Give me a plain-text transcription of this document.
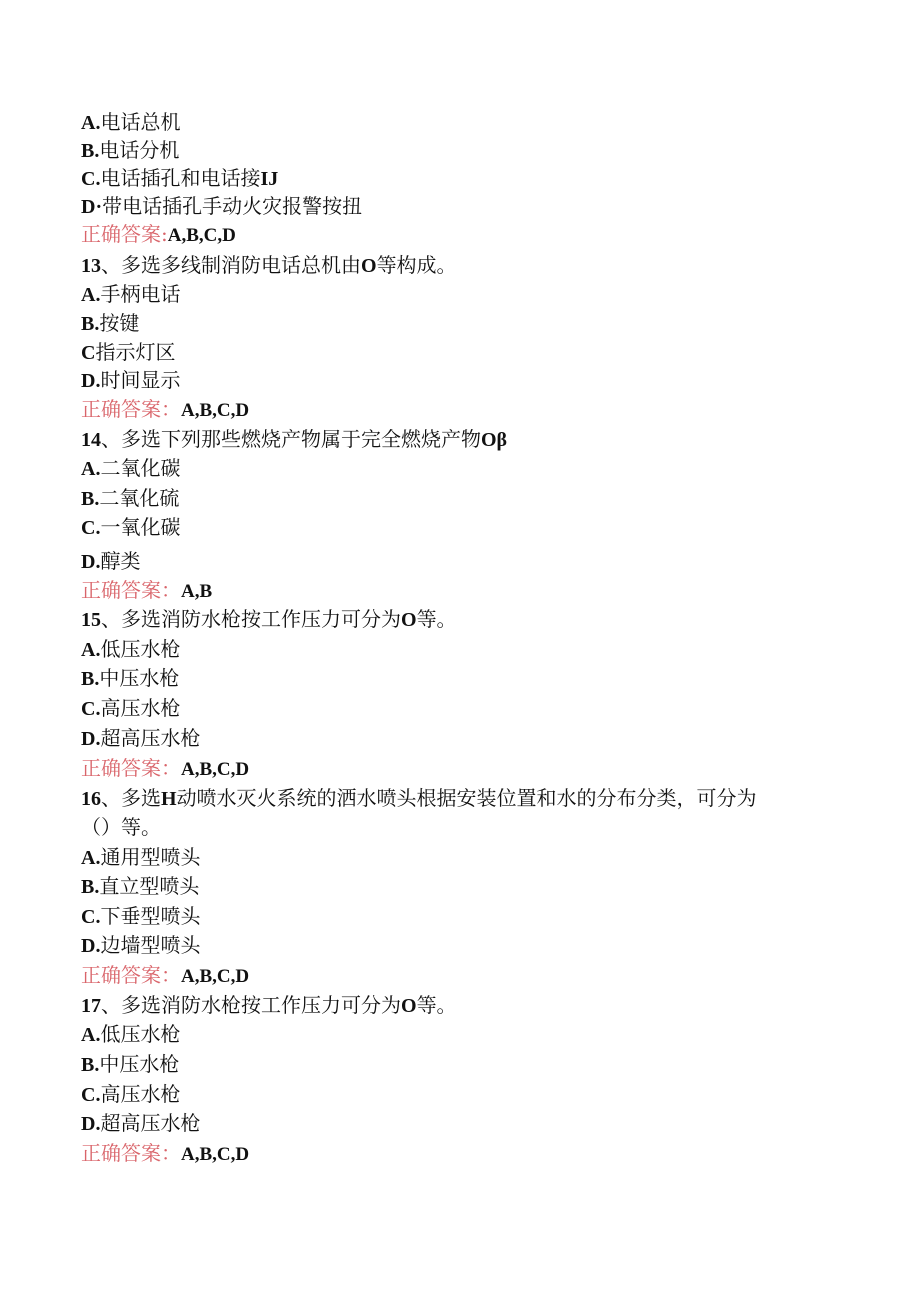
A.电话总机
B.电话分机
C.电话插孔和电话接IJ
D·带电话插孔手动火灾报警按扭
正确答案:A,B,C,D
13、多选多线制消防电话总机由O等构成。
A.手柄电话
B.按键
C指示灯区
D.时间显示
正确答案：A,B,C,D
14、多选下列那些燃烧产物属于完全燃烧产物Oβ
A.二氧化碳
B.二氧化硫
C.一氧化碳
D.醇类
正确答案：A,B
15、多选消防水枪按工作压力可分为O等。
A.低压水枪
B.中压水枪
C.高压水枪
D.超高压水枪
正确答案：A,B,C,D
16、多选H动喷水灭火系统的洒水喷头根据安装位置和水的分布分类，可分为
（）等。
A.通用型喷头
B.直立型喷头
C.下垂型喷头
D.边墙型喷头
正确答案：A,B,C,D
17、多选消防水枪按工作压力可分为O等。
A.低压水枪
B.中压水枪
C.高压水枪
D.超高压水枪
正确答案：A,B,C,D
